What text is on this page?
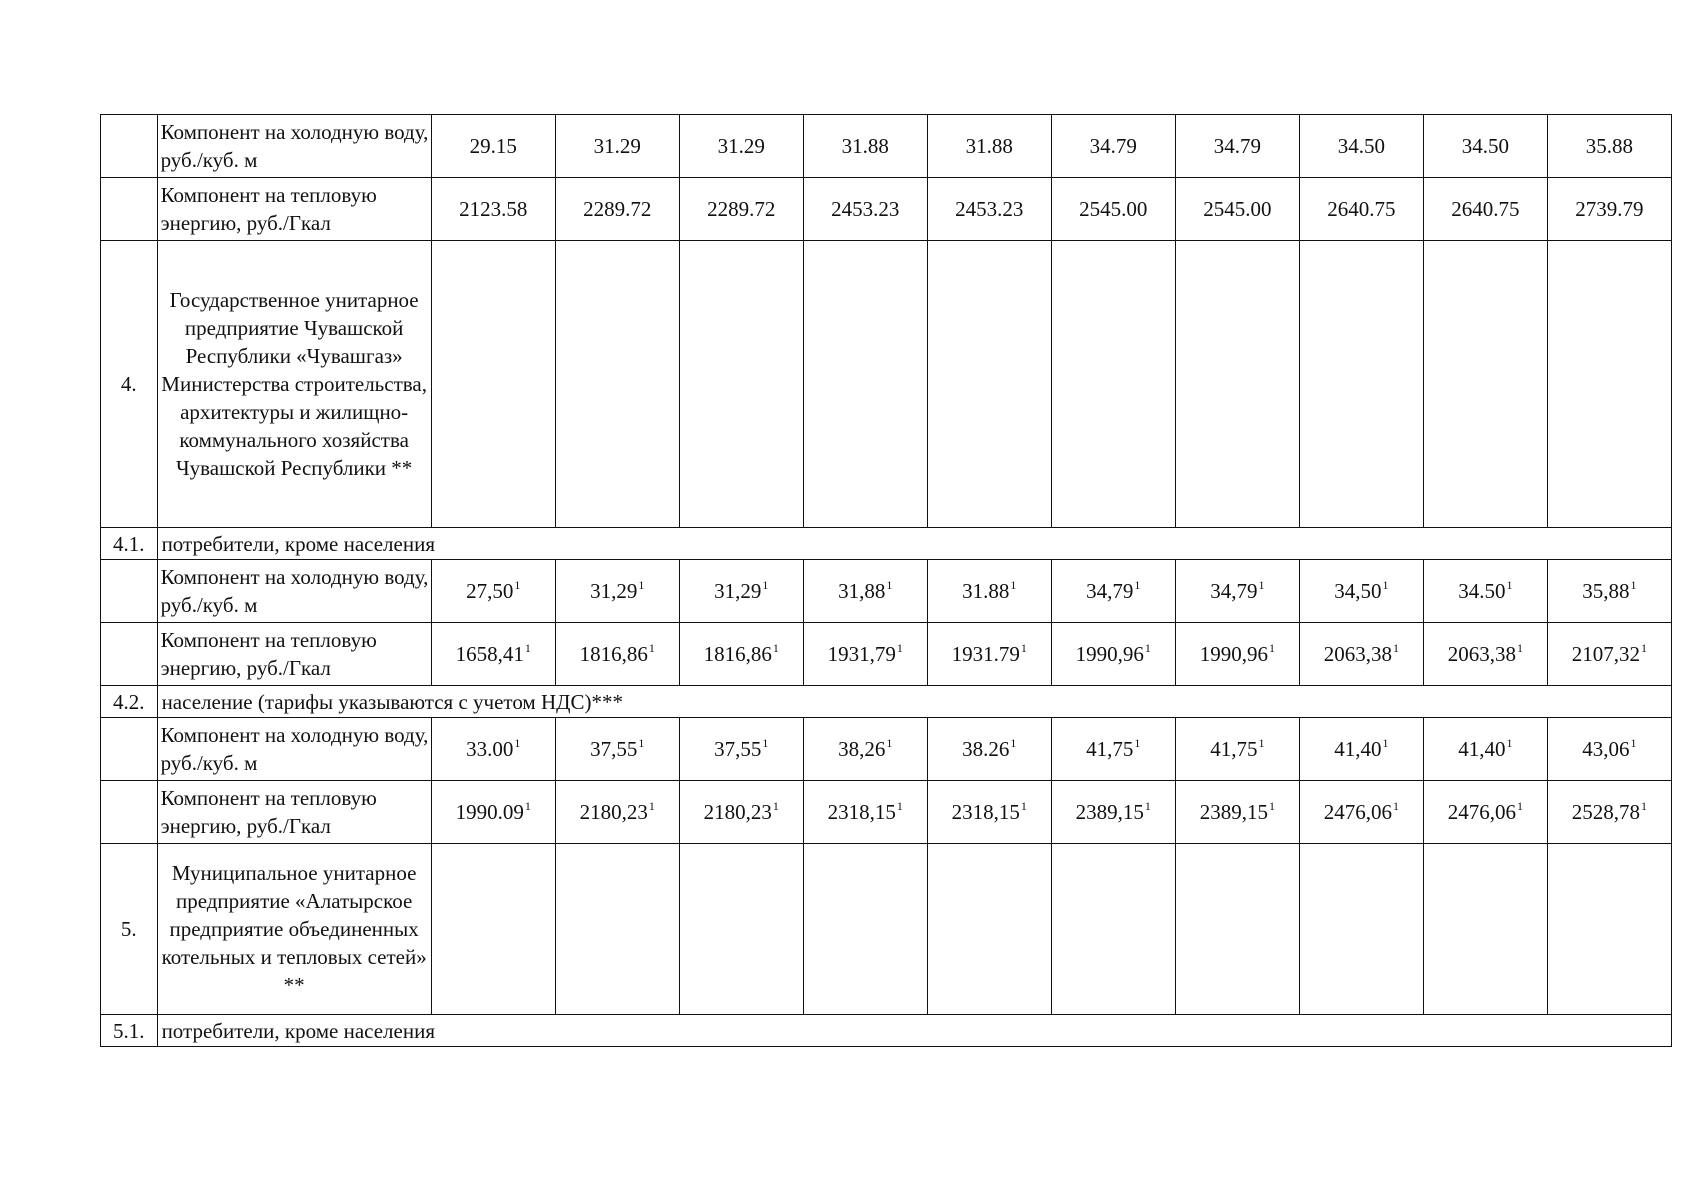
	Компонент на холодную воду, руб./куб. м	29.15	31.29	31.29	31.88	31.88	34.79	34.79	34.50	34.50	35.88
	Компонент на тепловую энергию, руб./Гкал	2123.58	2289.72	2289.72	2453.23	2453.23	2545.00	2545.00	2640.75	2640.75	2739.79
4.	Государственное унитарное предприятие Чувашской Республики «Чувашгаз» Министерства строительства, архитектуры и жилищно-коммунального хозяйства Чувашской Республики **										
4.1.	потребители, кроме населения										
	Компонент на холодную воду, руб./куб. м	27,50$^1$	31,29$^1$	31,29$^1$	31,88$^1$	31.88$^1$	34,79$^1$	34,79$^1$	34,50$^1$	34.50$^1$	35,88$^1$
	Компонент на тепловую энергию, руб./Гкал	1658,41$^1$	1816,86$^1$	1816,86$^1$	1931,79$^1$	1931.79$^1$	1990,96$^1$	1990,96$^1$	2063,38$^1$	2063,38$^1$	2107,32$^1$
4.2.	население (тарифы указываются с учетом НДС)***										
	Компонент на холодную воду, руб./куб. м	33.00$^1$	37,55$^1$	37,55$^1$	38,26$^1$	38.26$^1$	41,75$^1$	41,75$^1$	41,40$^1$	41,40$^1$	43,06$^1$
	Компонент на тепловую энергию, руб./Гкал	1990.09$^1$	2180,23$^1$	2180,23$^1$	2318,15$^1$	2318,15$^1$	2389,15$^1$	2389,15$^1$	2476,06$^1$	2476,06$^1$	2528,78$^1$
5.	Муниципальное унитарное предприятие «Алатырское предприятие объединенных котельных и тепловых сетей» **										
5.1.	потребители, кроме населения										
